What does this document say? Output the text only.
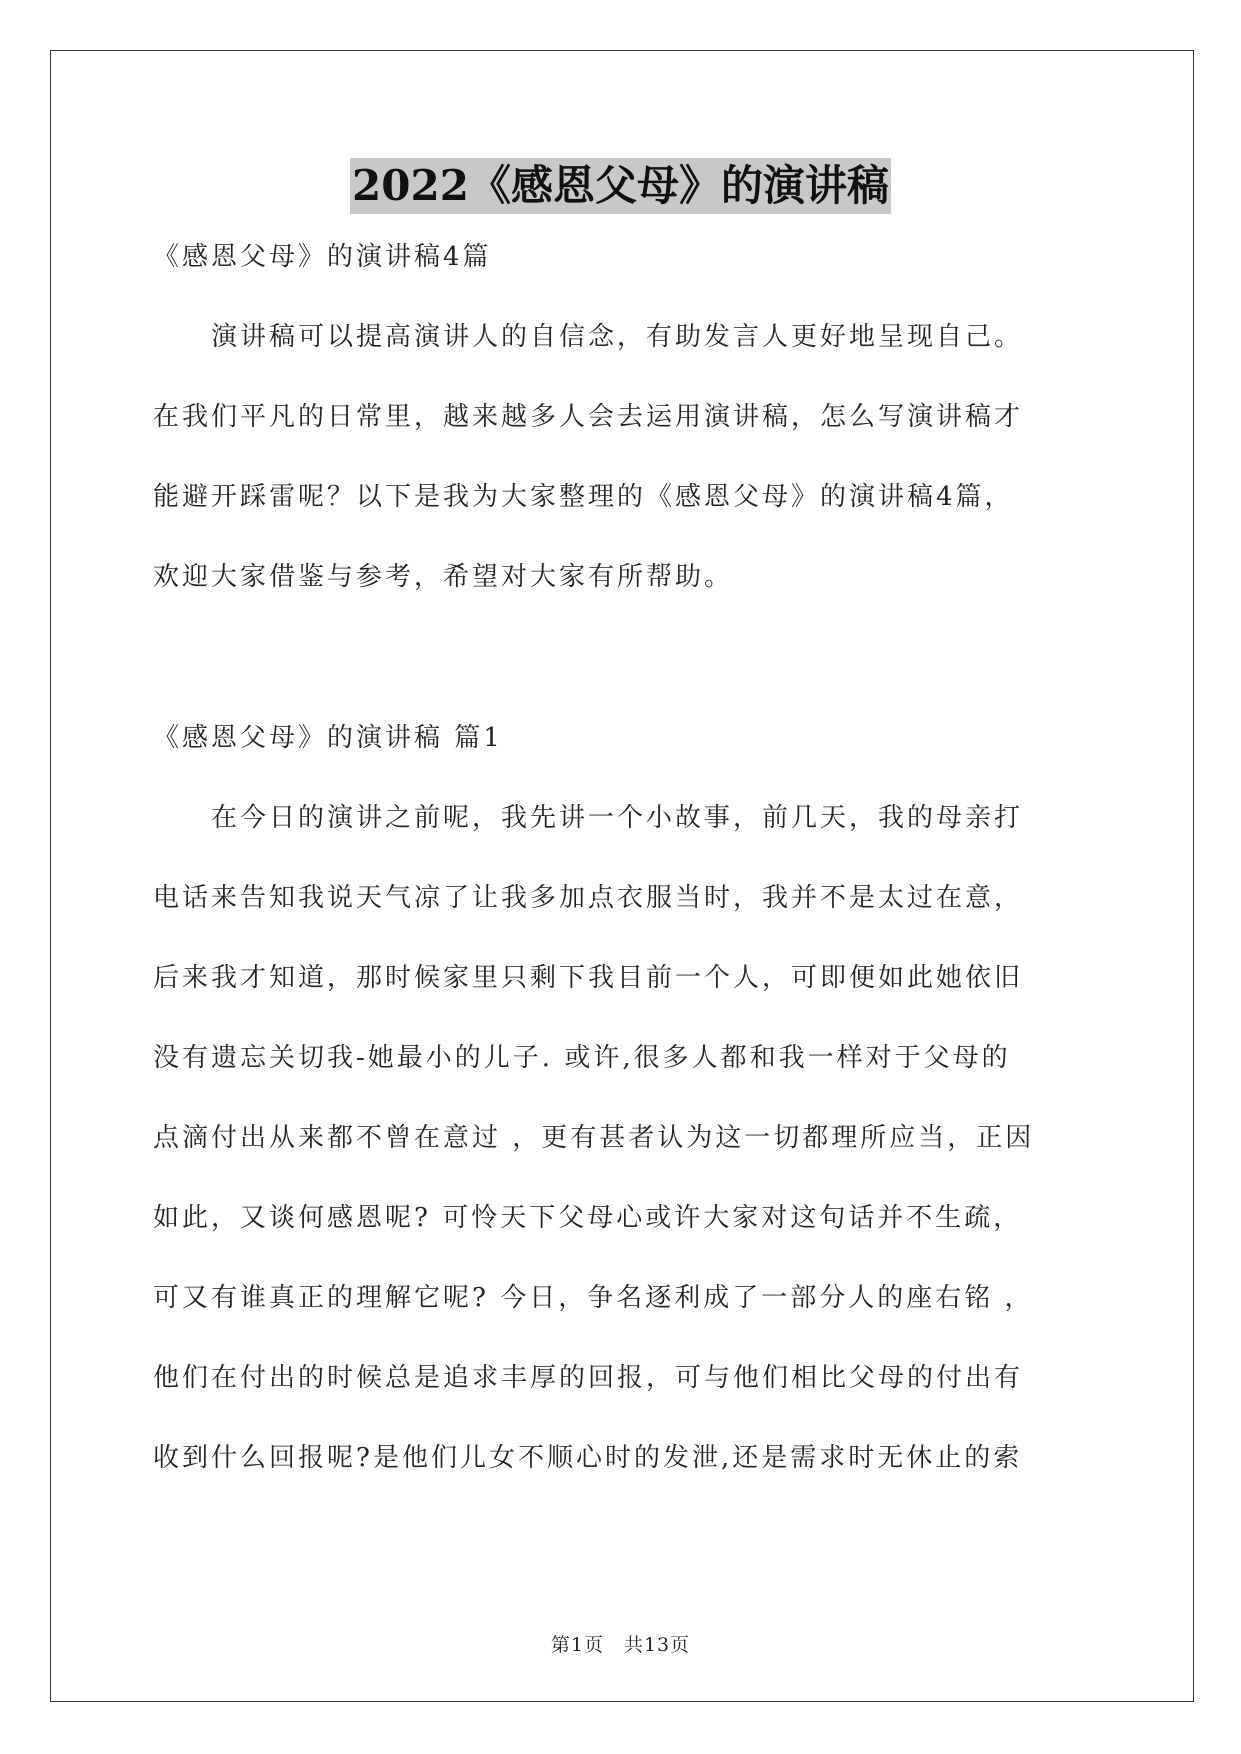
2022《感恩父母》的演讲稿

《感恩父母》的演讲稿4篇

　　演讲稿可以提高演讲人的自信念，有助发言人更好地呈现自己。

在我们平凡的日常里，越来越多人会去运用演讲稿，怎么写演讲稿才

能避开踩雷呢？以下是我为大家整理的《感恩父母》的演讲稿4篇，

欢迎大家借鉴与参考，希望对大家有所帮助。

《感恩父母》的演讲稿 篇1

　　在今日的演讲之前呢，我先讲一个小故事，前几天，我的母亲打

电话来告知我说天气凉了让我多加点衣服当时，我并不是太过在意，

后来我才知道，那时候家里只剩下我目前一个人，可即便如此她依旧

没有遗忘关切我-她最小的儿子. 或许,很多人都和我一样对于父母的

点滴付出从来都不曾在意过 ，更有甚者认为这一切都理所应当，正因

如此，又谈何感恩呢? 可怜天下父母心或许大家对这句话并不生疏，

可又有谁真正的理解它呢? 今日，争名逐利成了一部分人的座右铭 ，

他们在付出的时候总是追求丰厚的回报，可与他们相比父母的付出有

收到什么回报呢?是他们儿女不顺心时的发泄,还是需求时无休止的索

第1页　共13页
